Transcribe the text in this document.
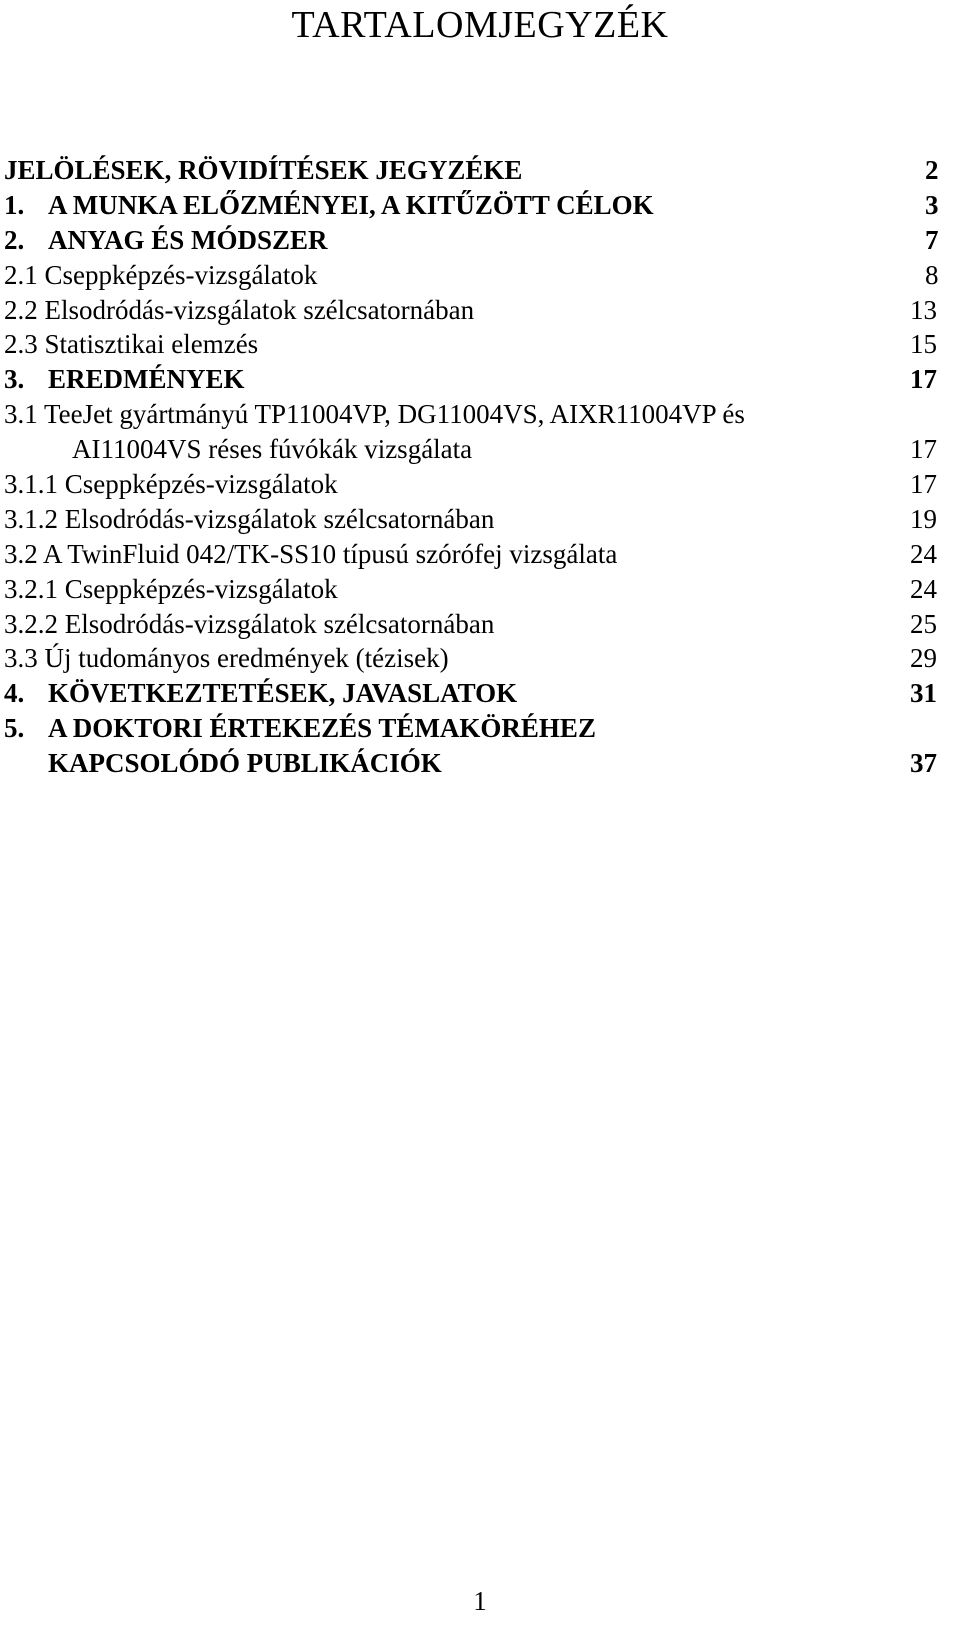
TARTALOMJEGYZÉK
JELÖLÉSEK, RÖVIDÍTÉSEK JEGYZÉKE	2
1. A MUNKA ELŐZMÉNYEI, A KITŰZÖTT CÉLOK	3
2. ANYAG ÉS MÓDSZER	7
2.1 Cseppképzés-vizsgálatok	8
2.2 Elsodródás-vizsgálatok szélcsatornában	13
2.3 Statisztikai elemzés	15
3. EREDMÉNYEK	17
3.1 TeeJet gyártmányú TP11004VP, DG11004VS, AIXR11004VP és
AI11004VS réses fúvókák vizsgálata	17
3.1.1 Cseppképzés-vizsgálatok	17
3.1.2 Elsodródás-vizsgálatok szélcsatornában	19
3.2 A TwinFluid 042/TK-SS10 típusú szórófej vizsgálata	24
3.2.1 Cseppképzés-vizsgálatok	24
3.2.2 Elsodródás-vizsgálatok szélcsatornában	25
3.3 Új tudományos eredmények (tézisek)	29
4. KÖVETKEZTETÉSEK, JAVASLATOK	31
5. A DOKTORI ÉRTEKEZÉS TÉMAKÖRÉHEZ
KAPCSOLÓDÓ PUBLIKÁCIÓK	37
1
